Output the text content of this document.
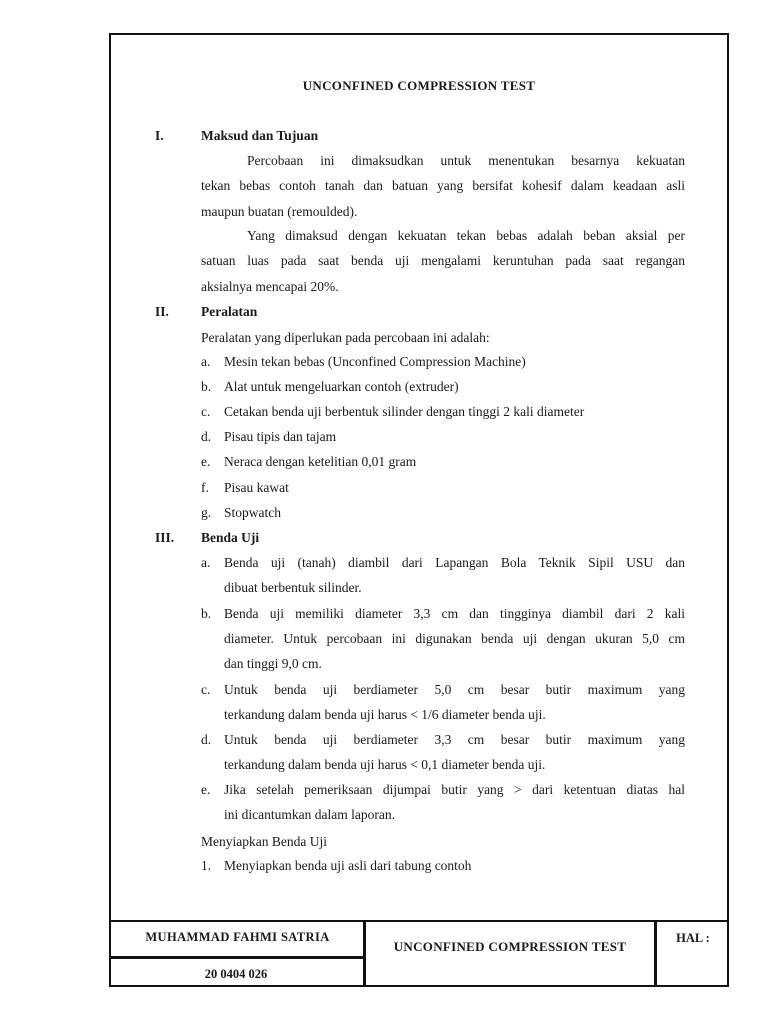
UNCONFINED COMPRESSION TEST
I.	Maksud dan Tujuan
Percobaan ini dimaksudkan untuk menentukan besarnya kekuatan
tekan bebas contoh tanah dan batuan yang bersifat kohesif dalam keadaan asli
maupun buatan (remoulded).
Yang dimaksud dengan kekuatan tekan bebas adalah beban aksial per
satuan luas pada saat benda uji mengalami keruntuhan pada saat regangan
aksialnya mencapai 20%.
II. Peralatan
Peralatan yang diperlukan pada percobaan ini adalah:
a. Mesin tekan bebas (Unconfined Compression Machine)
b. Alat untuk mengeluarkan contoh (extruder)
c. Cetakan benda uji berbentuk silinder dengan tinggi 2 kali diameter
d. Pisau tipis dan tajam
e. Neraca dengan ketelitian 0,01 gram
f. Pisau kawat
g. Stopwatch
III. Benda Uji
a. Benda uji (tanah) diambil dari Lapangan Bola Teknik Sipil USU dan
dibuat berbentuk silinder.
b. Benda uji memiliki diameter 3,3 cm dan tingginya diambil dari 2 kali
diameter. Untuk percobaan ini digunakan benda uji dengan ukuran 5,0 cm
dan tinggi 9,0 cm.
c. Untuk benda uji berdiameter 5,0 cm besar butir maximum yang
terkandung dalam benda uji harus < 1/6 diameter benda uji.
d. Untuk benda uji berdiameter 3,3 cm besar butir maximum yang
terkandung dalam benda uji harus < 0,1 diameter benda uji.
e. Jika setelah pemeriksaan dijumpai butir yang > dari ketentuan diatas hal
ini dicantumkan dalam laporan.
Menyiapkan Benda Uji
1. Menyiapkan benda uji asli dari tabung contoh
MUHAMMAD FAHMI SATRIA
20 0404 026
UNCONFINED COMPRESSION TEST
HAL :
